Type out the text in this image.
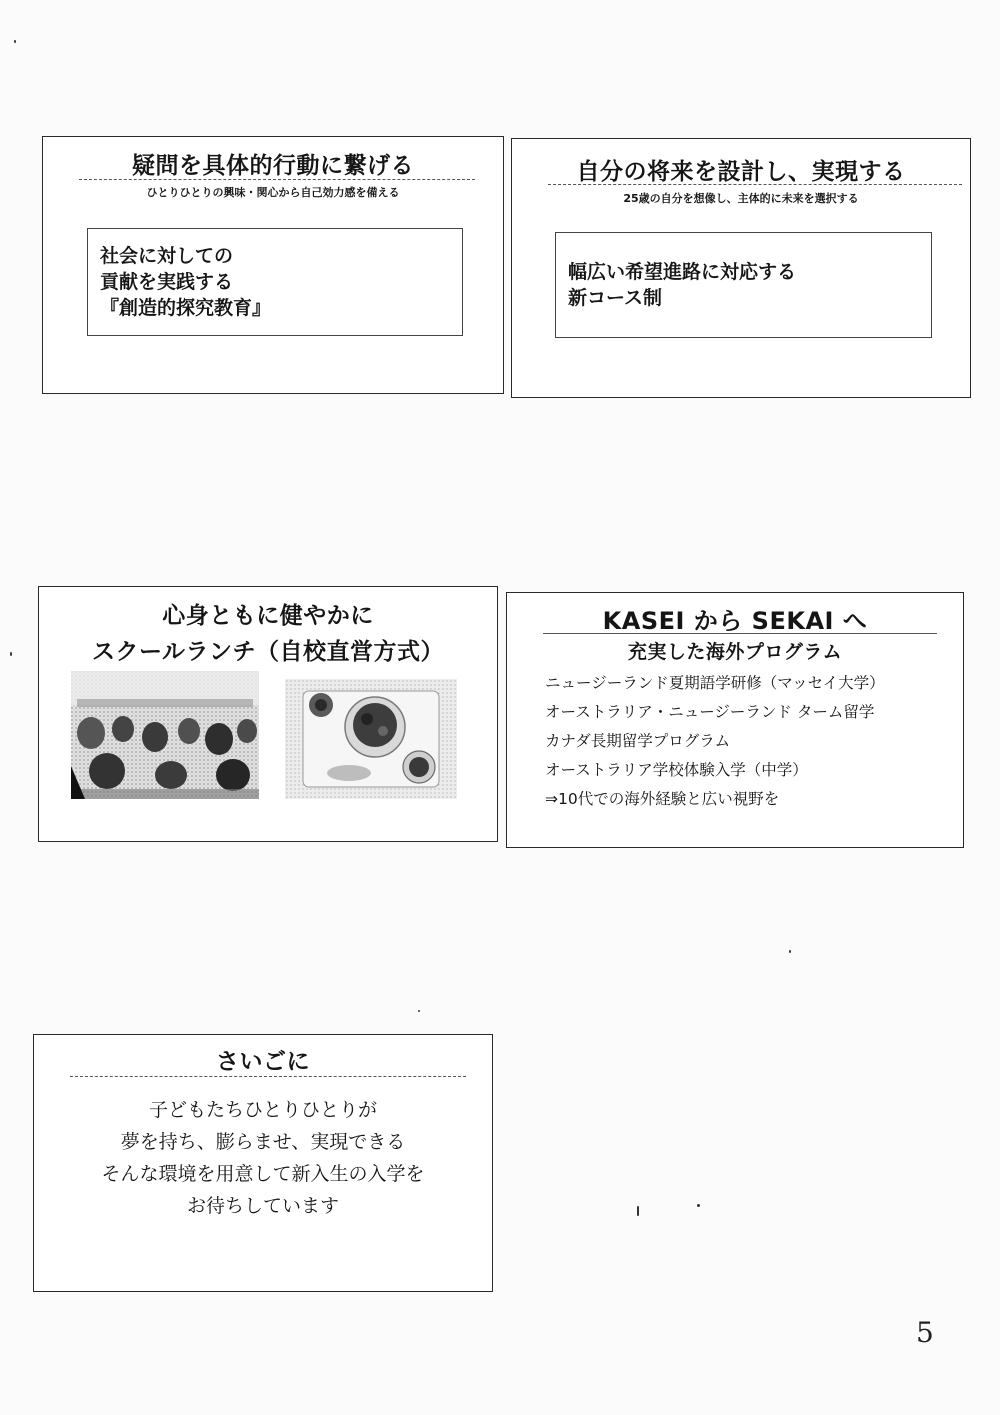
疑問を具体的行動に繋げる
ひとりひとりの興味・関心から自己効力感を備える
社会に対しての
貢献を実践する
『創造的探究教育』
自分の将来を設計し、実現する
25歳の自分を想像し、主体的に未来を選択する
幅広い希望進路に対応する
新コース制
心身ともに健やかに
スクールランチ（自校直営方式）
KASEI から SEKAI へ
充実した海外プログラム
ニュージーランド夏期語学研修（マッセイ大学）
オーストラリア・ニュージーランド ターム留学
カナダ長期留学プログラム
オーストラリア学校体験入学（中学）
⇒10代での海外経験と広い視野を
さいごに
子どもたちひとりひとりが
夢を持ち、膨らませ、実現できる
そんな環境を用意して新入生の入学を
お待ちしています
5
